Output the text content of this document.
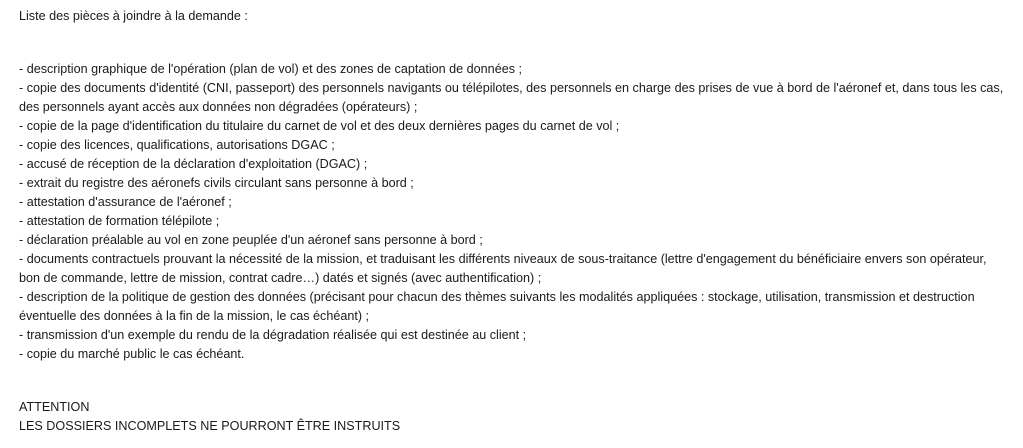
Liste des pièces à joindre à la demande :
- description graphique de l'opération (plan de vol) et des zones de captation de données ;
- copie des documents d'identité (CNI, passeport) des personnels navigants ou télépilotes, des personnels en charge des prises de vue à bord de l'aéronef et, dans tous les cas, des personnels ayant accès aux données non dégradées (opérateurs) ;
- copie de la page d'identification du titulaire du carnet de vol et des deux dernières pages du carnet de vol ;
- copie des licences, qualifications, autorisations DGAC ;
- accusé de réception de la déclaration d'exploitation (DGAC) ;
- extrait du registre des aéronefs civils circulant sans personne à bord ;
- attestation d'assurance de l'aéronef ;
- attestation de formation télépilote ;
- déclaration préalable au vol en zone peuplée d'un aéronef sans personne à bord ;
- documents contractuels prouvant la nécessité de la mission, et traduisant les différents niveaux de sous-traitance (lettre d'engagement du bénéficiaire envers son opérateur, bon de commande, lettre de mission, contrat cadre…) datés et signés (avec authentification) ;
- description de la politique de gestion des données (précisant pour chacun des thèmes suivants les modalités appliquées : stockage, utilisation, transmission et destruction éventuelle des données à la fin de la mission, le cas échéant) ;
- transmission d'un exemple du rendu de la dégradation réalisée qui est destinée au client ;
- copie du marché public le cas échéant.
ATTENTION
LES DOSSIERS INCOMPLETS NE POURRONT ÊTRE INSTRUITS
